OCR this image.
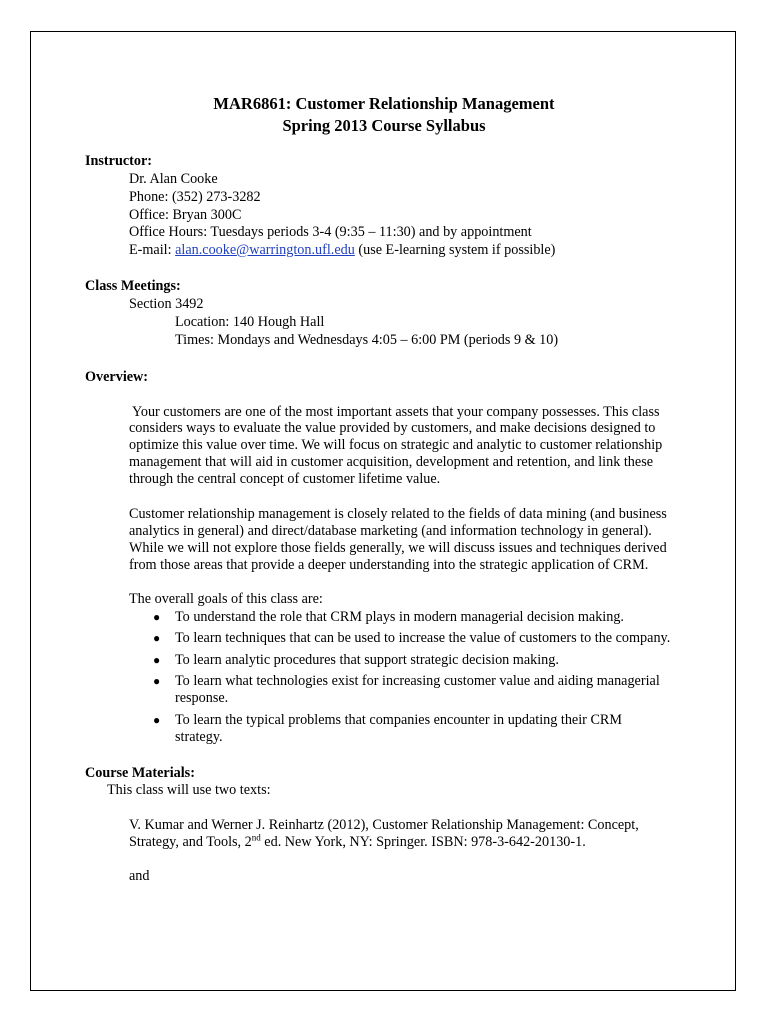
MAR6861: Customer Relationship Management
Spring 2013 Course Syllabus
Instructor:
Dr. Alan Cooke
Phone: (352) 273-3282
Office: Bryan 300C
Office Hours: Tuesdays periods 3-4 (9:35 – 11:30) and by appointment
E-mail: alan.cooke@warrington.ufl.edu (use E-learning system if possible)
Class Meetings:
Section 3492
Location: 140 Hough Hall
Times: Mondays and Wednesdays 4:05 – 6:00 PM (periods 9 & 10)
Overview:
Your customers are one of the most important assets that your company possesses. This class
considers ways to evaluate the value provided by customers, and make decisions designed to
optimize this value over time. We will focus on strategic and analytic to customer relationship
management that will aid in customer acquisition, development and retention, and link these
through the central concept of customer lifetime value.
Customer relationship management is closely related to the fields of data mining (and business
analytics in general) and direct/database marketing (and information technology in general).
While we will not explore those fields generally, we will discuss issues and techniques derived
from those areas that provide a deeper understanding into the strategic application of CRM.
The overall goals of this class are:
● To understand the role that CRM plays in modern managerial decision making.
● To learn techniques that can be used to increase the value of customers to the company.
● To learn analytic procedures that support strategic decision making.
● To learn what technologies exist for increasing customer value and aiding managerial
response.
● To learn the typical problems that companies encounter in updating their CRM
strategy.
Course Materials:
This class will use two texts:
V. Kumar and Werner J. Reinhartz (2012), Customer Relationship Management: Concept,
Strategy, and Tools, 2nd ed. New York, NY: Springer. ISBN: 978-3-642-20130-1.
and
